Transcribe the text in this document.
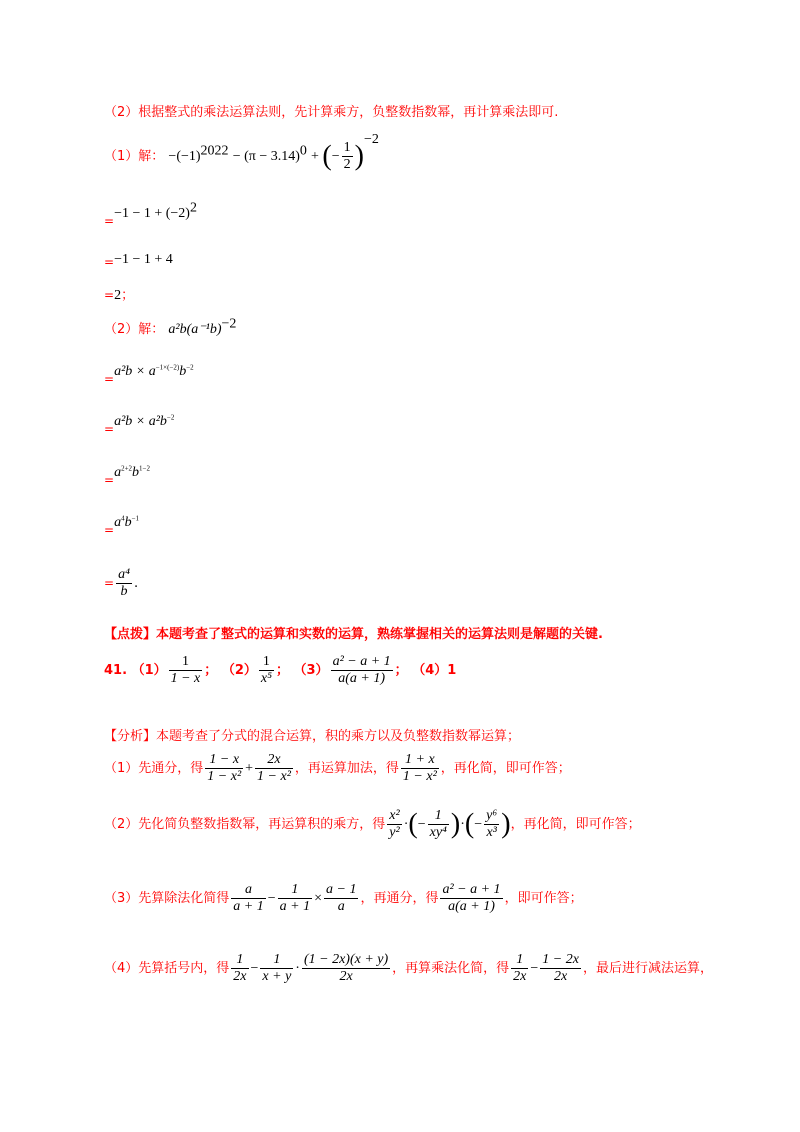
（2）根据整式的乘法运算法则，先计算乘方，负整数指数幂，再计算乘法即可.
（1）解： $-(-1)^{2022} - (\pi - 3.14)^0$ + (− $\frac{1}{2} )^{-2}$
$=-1 - 1 + (-2)^2$
=−1 − 1 + 4
=2；
（2）解： $a^2b(a^{-1}b)^{-2}$
$=a^2b \times a^{-1\times(-2)}b^{-2}$
$=a^2b \times a^2b^{-2}$
$=a^{2+2}b^{1-2}$
$=a^4b^{-1}$
= $\frac{\text{a⁴}}{b}$ .
【点拨】本题考查了整式的运算和实数的运算，熟练掌握相关的运算法则是解题的关键.
41. $(1) \frac{1}{1 - x}$ ； $(2) \frac{1}{\text{x⁵}}$ ； $(3) \frac{\text{a² − a + 1}}{a(a + 1)}$ ； （4）1
【分析】本题考查了分式的混合运算，积的乘方以及负整数指数幂运算；
（1）先通分，得 $\frac{1 - x}{\text{1 − x²}} + \frac{2x}{\text{1 − x²}}$ ，再运算加法，得 $\frac{1 + x}{\text{1 − x²}}$ ，再化简，即可作答；
（2）先化简负整数指数幂，再运算积的乘方，得 $\frac{\text{x²}}{\text{y²}}$ ·(− $\frac{1}{\text{xy⁴}}$ )·(− $\frac{\text{y⁶}}{\text{x³}}$ )，再化简，即可作答；
（3）先算除法化简得 $\frac{a}{a + 1} - \frac{1}{a + 1} \times \frac{a - 1}{a}$ ，再通分，得 $\frac{\text{a² − a + 1}}{a(a + 1)}$ ，即可作答；
（4）先算括号内，得 $\frac{1}{2x} - \frac{1}{x + y} \cdot \frac{(1 - 2x)(x + y)}{2x}$ ，再算乘法化简，得 $\frac{1}{2x} - \frac{1 - 2x}{2x}$ ，最后进行减法运算，
